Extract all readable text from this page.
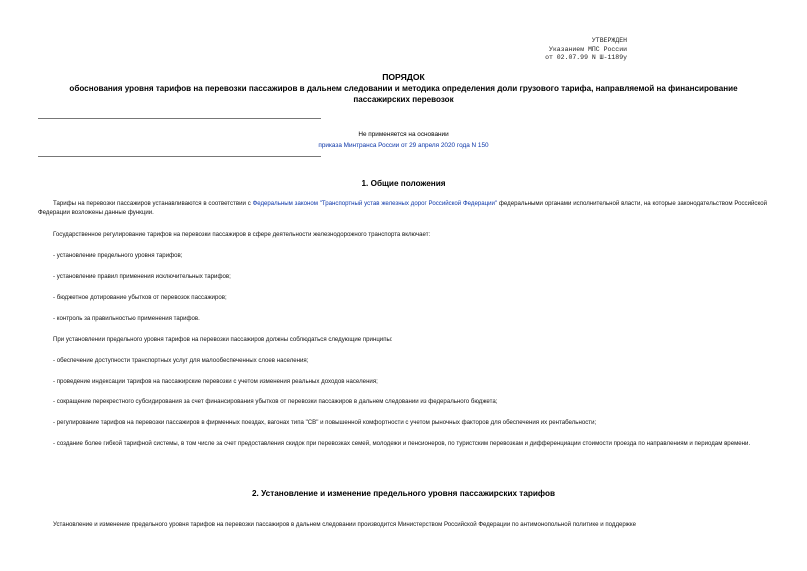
УТВЕРЖДЕН
Указанием МПС России
от 02.07.99 N Ш-1189у
ПОРЯДОК
обоснования уровня тарифов на перевозки пассажиров в дальнем следовании и методика определения доли грузового тарифа, направляемой на финансирование пассажирских перевозок
Не применяется на основании
приказа Минтранса России от 29 апреля 2020 года N 150
1. Общие положения
Тарифы на перевозки пассажиров устанавливаются в соответствии с Федеральным законом "Транспортный устав железных дорог Российской Федерации" федеральными органами исполнительной власти, на которые законодательством Российской Федерации возложены данные функции.
Государственное регулирование тарифов на перевозки пассажиров в сфере деятельности железнодорожного транспорта включает:
- установление предельного уровня тарифов;
- установление правил применения исключительных тарифов;
- бюджетное дотирование убытков от перевозок пассажиров;
- контроль за правильностью применения тарифов.
При установлении предельного уровня тарифов на перевозки пассажиров должны соблюдаться следующие принципы:
- обеспечение доступности транспортных услуг для малообеспеченных слоев населения;
- проведение индексации тарифов на пассажирские перевозки с учетом изменения реальных доходов населения;
- сокращение перекрестного субсидирования за счет финансирования убытков от перевозки пассажиров в дальнем следовании из федерального бюджета;
- регулирование тарифов на перевозки пассажиров в фирменных поездах, вагонах типа "СВ" и повышенной комфортности с учетом рыночных факторов для обеспечения их рентабельности;
- создание более гибкой тарифной системы, в том числе за счет предоставления скидок при перевозках семей, молодежи и пенсионеров, по туристским перевозкам и дифференциации стоимости проезда по направлениям и периодам времени.
2. Установление и изменение предельного уровня пассажирских тарифов
Установление и изменение предельного уровня тарифов на перевозки пассажиров в дальнем следовании производится Министерством Российской Федерации по антимонопольной политике и поддержке
